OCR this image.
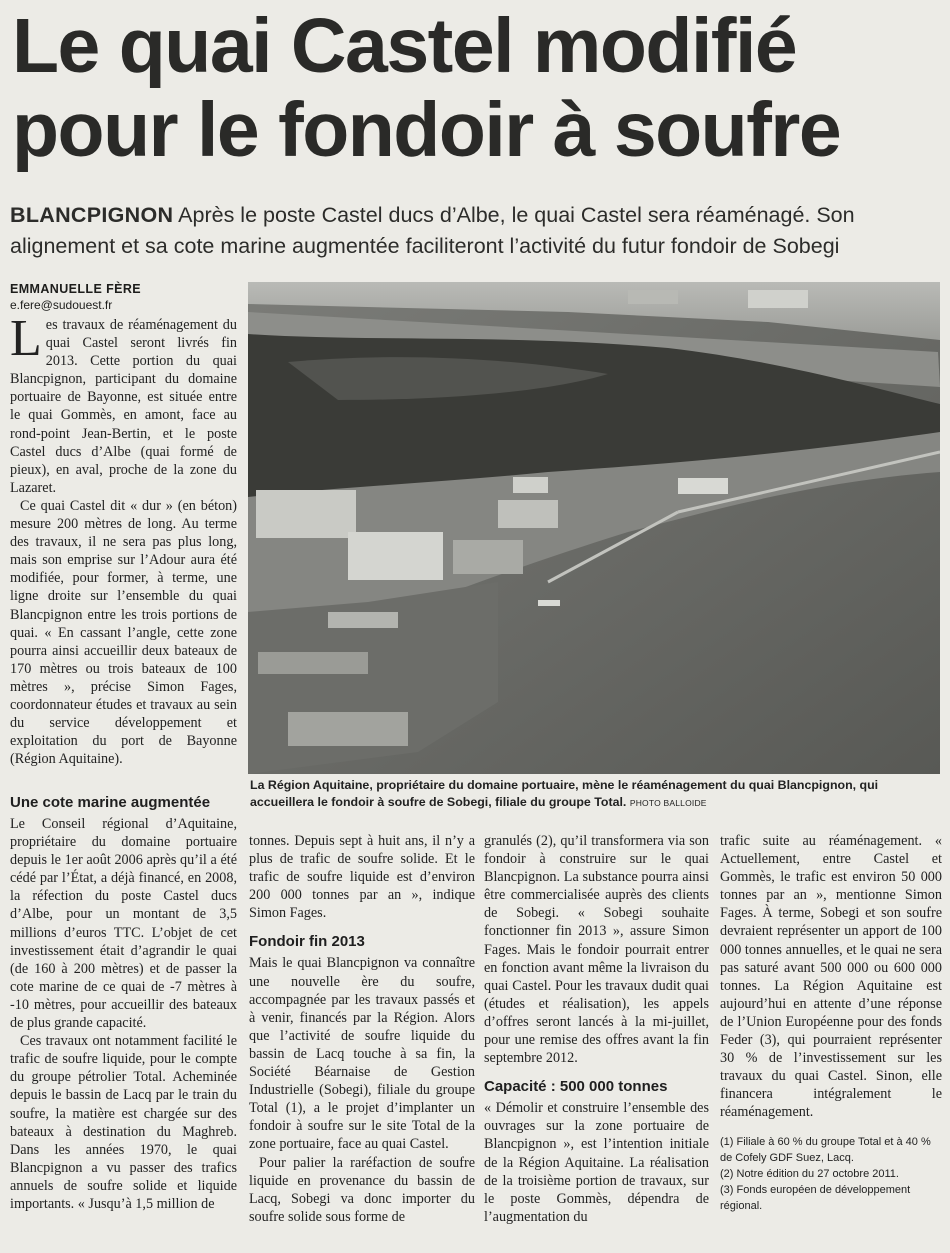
Le quai Castel modifié
pour le fondoir à soufre
BLANCPIGNON Après le poste Castel ducs d’Albe, le quai Castel sera réaménagé. Son alignement et sa cote marine augmentée faciliteront l’activité du futur fondoir de Sobegi
EMMANUELLE FÈRE
e.fere@sudouest.fr

Les travaux de réaménagement du quai Castel seront livrés fin 2013. Cette portion du quai Blancpignon, participant du domaine portuaire de Bayonne, est située entre le quai Gommès, en amont, face au rond-point Jean-Bertin, et le poste Castel ducs d’Albe (quai formé de pieux), en aval, proche de la zone du Lazaret.

Ce quai Castel dit « dur » (en béton) mesure 200 mètres de long. Au terme des travaux, il ne sera pas plus long, mais son emprise sur l’Adour aura été modifiée, pour former, à terme, une ligne droite sur l’ensemble du quai Blancpignon entre les trois portions de quai. « En cassant l’angle, cette zone pourra ainsi accueillir deux bateaux de 170 mètres ou trois bateaux de 100 mètres », précise Simon Fages, coordonnateur études et travaux au sein du service développement et exploitation du port de Bayonne (Région Aquitaine).

La Région Aquitaine, propriétaire du domaine portuaire, mène le réaménagement du quai Blancpignon, qui accueillera le fondoir à soufre de Sobegi, filiale du groupe Total. PHOTO BALLOIDE
Une cote marine augmentée

Le Conseil régional d’Aquitaine, propriétaire du domaine portuaire depuis le 1er août 2006 après qu’il a été cédé par l’État, a déjà financé, en 2008, la réfection du poste Castel ducs d’Albe, pour un montant de 3,5 millions d’euros TTC. L’objet de cet investissement était d’agrandir le quai (de 160 à 200 mètres) et de passer la cote marine de ce quai de -7 mètres à -10 mètres, pour accueillir des bateaux de plus grande capacité.

Ces travaux ont notamment facilité le trafic de soufre liquide, pour le compte du groupe pétrolier Total. Acheminée depuis le bassin de Lacq par le train du soufre, la matière est chargée sur des bateaux à destination du Maghreb. Dans les années 1970, le quai Blancpignon a vu passer des trafics annuels de soufre solide et liquide importants. « Jusqu’à 1,5 million de

tonnes. Depuis sept à huit ans, il n’y a plus de trafic de soufre solide. Et le trafic de soufre liquide est d’environ 200 000 tonnes par an », indique Simon Fages.

Fondoir fin 2013

Mais le quai Blancpignon va connaître une nouvelle ère du soufre, accompagnée par les travaux passés et à venir, financés par la Région. Alors que l’activité de soufre liquide du bassin de Lacq touche à sa fin, la Société Béarnaise de Gestion Industrielle (Sobegi), filiale du groupe Total (1), a le projet d’implanter un fondoir à soufre sur le site Total de la zone portuaire, face au quai Castel.

Pour palier la raréfaction de soufre liquide en provenance du bassin de Lacq, Sobegi va donc importer du soufre solide sous forme de

granulés (2), qu’il transformera via son fondoir à construire sur le quai Blancpignon. La substance pourra ainsi être commercialisée auprès des clients de Sobegi. « Sobegi souhaite fonctionner fin 2013 », assure Simon Fages. Mais le fondoir pourrait entrer en fonction avant même la livraison du quai Castel. Pour les travaux dudit quai (études et réalisation), les appels d’offres seront lancés à la mi-juillet, pour une remise des offres avant la fin septembre 2012.

Capacité : 500 000 tonnes

« Démolir et construire l’ensemble des ouvrages sur la zone portuaire de Blancpignon », est l’intention initiale de la Région Aquitaine. La réalisation de la troisième portion de travaux, sur le poste Gommès, dépendra de l’augmentation du

trafic suite au réaménagement. « Actuellement, entre Castel et Gommès, le trafic est environ 50 000 tonnes par an », mentionne Simon Fages. À terme, Sobegi et son soufre devraient représenter un apport de 100 000 tonnes annuelles, et le quai ne sera pas saturé avant 500 000 ou 600 000 tonnes. La Région Aquitaine est aujourd’hui en attente d’une réponse de l’Union Européenne pour des fonds Feder (3), qui pourraient représenter 30 % de l’investissement sur les travaux du quai Castel. Sinon, elle financera intégralement le réaménagement.

(1) Filiale à 60 % du groupe Total et à 40 % de Cofely GDF Suez, Lacq.
(2) Notre édition du 27 octobre 2011.
(3) Fonds européen de développement régional.
